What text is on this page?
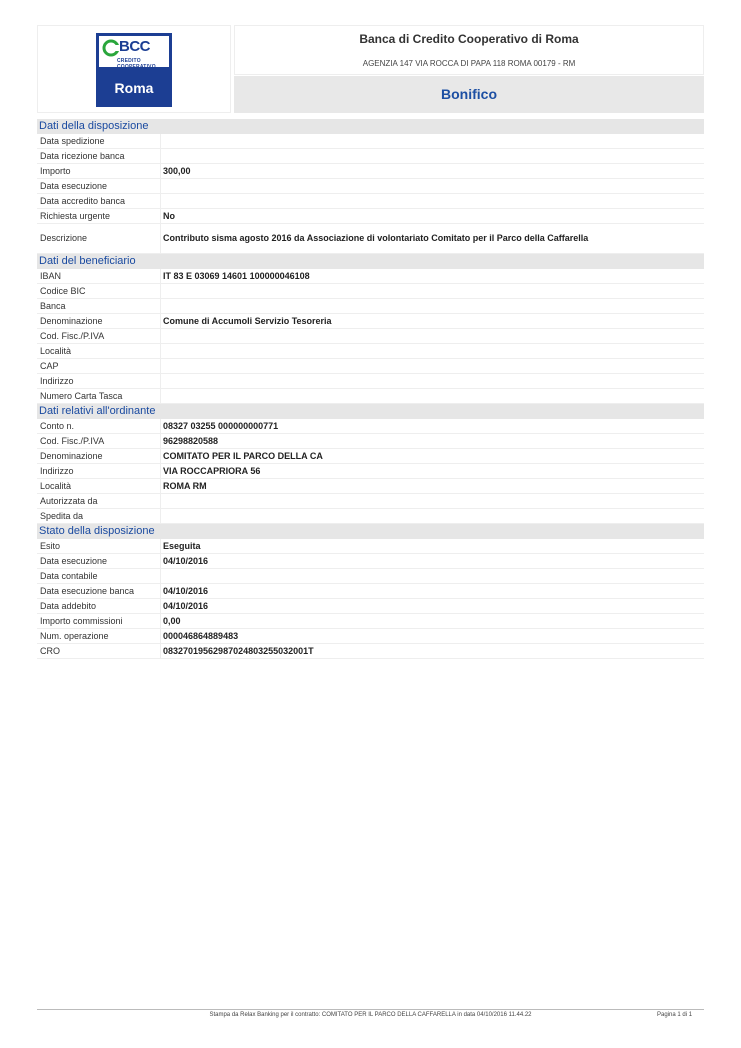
BCC
CREDITO COOPERATIVO
Roma
Banca di Credito Cooperativo di Roma
AGENZIA 147 VIA ROCCA DI PAPA 118 ROMA 00179 - RM
Bonifico
Dati della disposizione
Data spedizione
Data ricezione banca
Importo	300,00
Data esecuzione
Data accredito banca
Richiesta urgente	No
Descrizione	Contributo sisma agosto 2016 da Associazione di volontariato Comitato per il Parco della Caffarella
Dati del beneficiario
IBAN	IT 83 E 03069 14601 100000046108
Codice BIC
Banca
Denominazione	Comune di Accumoli Servizio Tesoreria
Cod. Fisc./P.IVA
Località
CAP
Indirizzo
Numero Carta Tasca
Dati relativi all'ordinante
Conto n.	08327 03255 000000000771
Cod. Fisc./P.IVA	96298820588
Denominazione	COMITATO PER IL PARCO DELLA CA
Indirizzo	VIA ROCCAPRIORA 56
Località	ROMA RM
Autorizzata da
Spedita da
Stato della disposizione
Esito	Eseguita
Data esecuzione	04/10/2016
Data contabile
Data esecuzione banca	04/10/2016
Data addebito	04/10/2016
Importo commissioni	0,00
Num. operazione	000046864889483
CRO	08327019562987024803255032001T
Stampa da Relax Banking per il contratto: COMITATO PER IL PARCO DELLA CAFFARELLA in data 04/10/2016 11.44.22	Pagina 1 di 1
